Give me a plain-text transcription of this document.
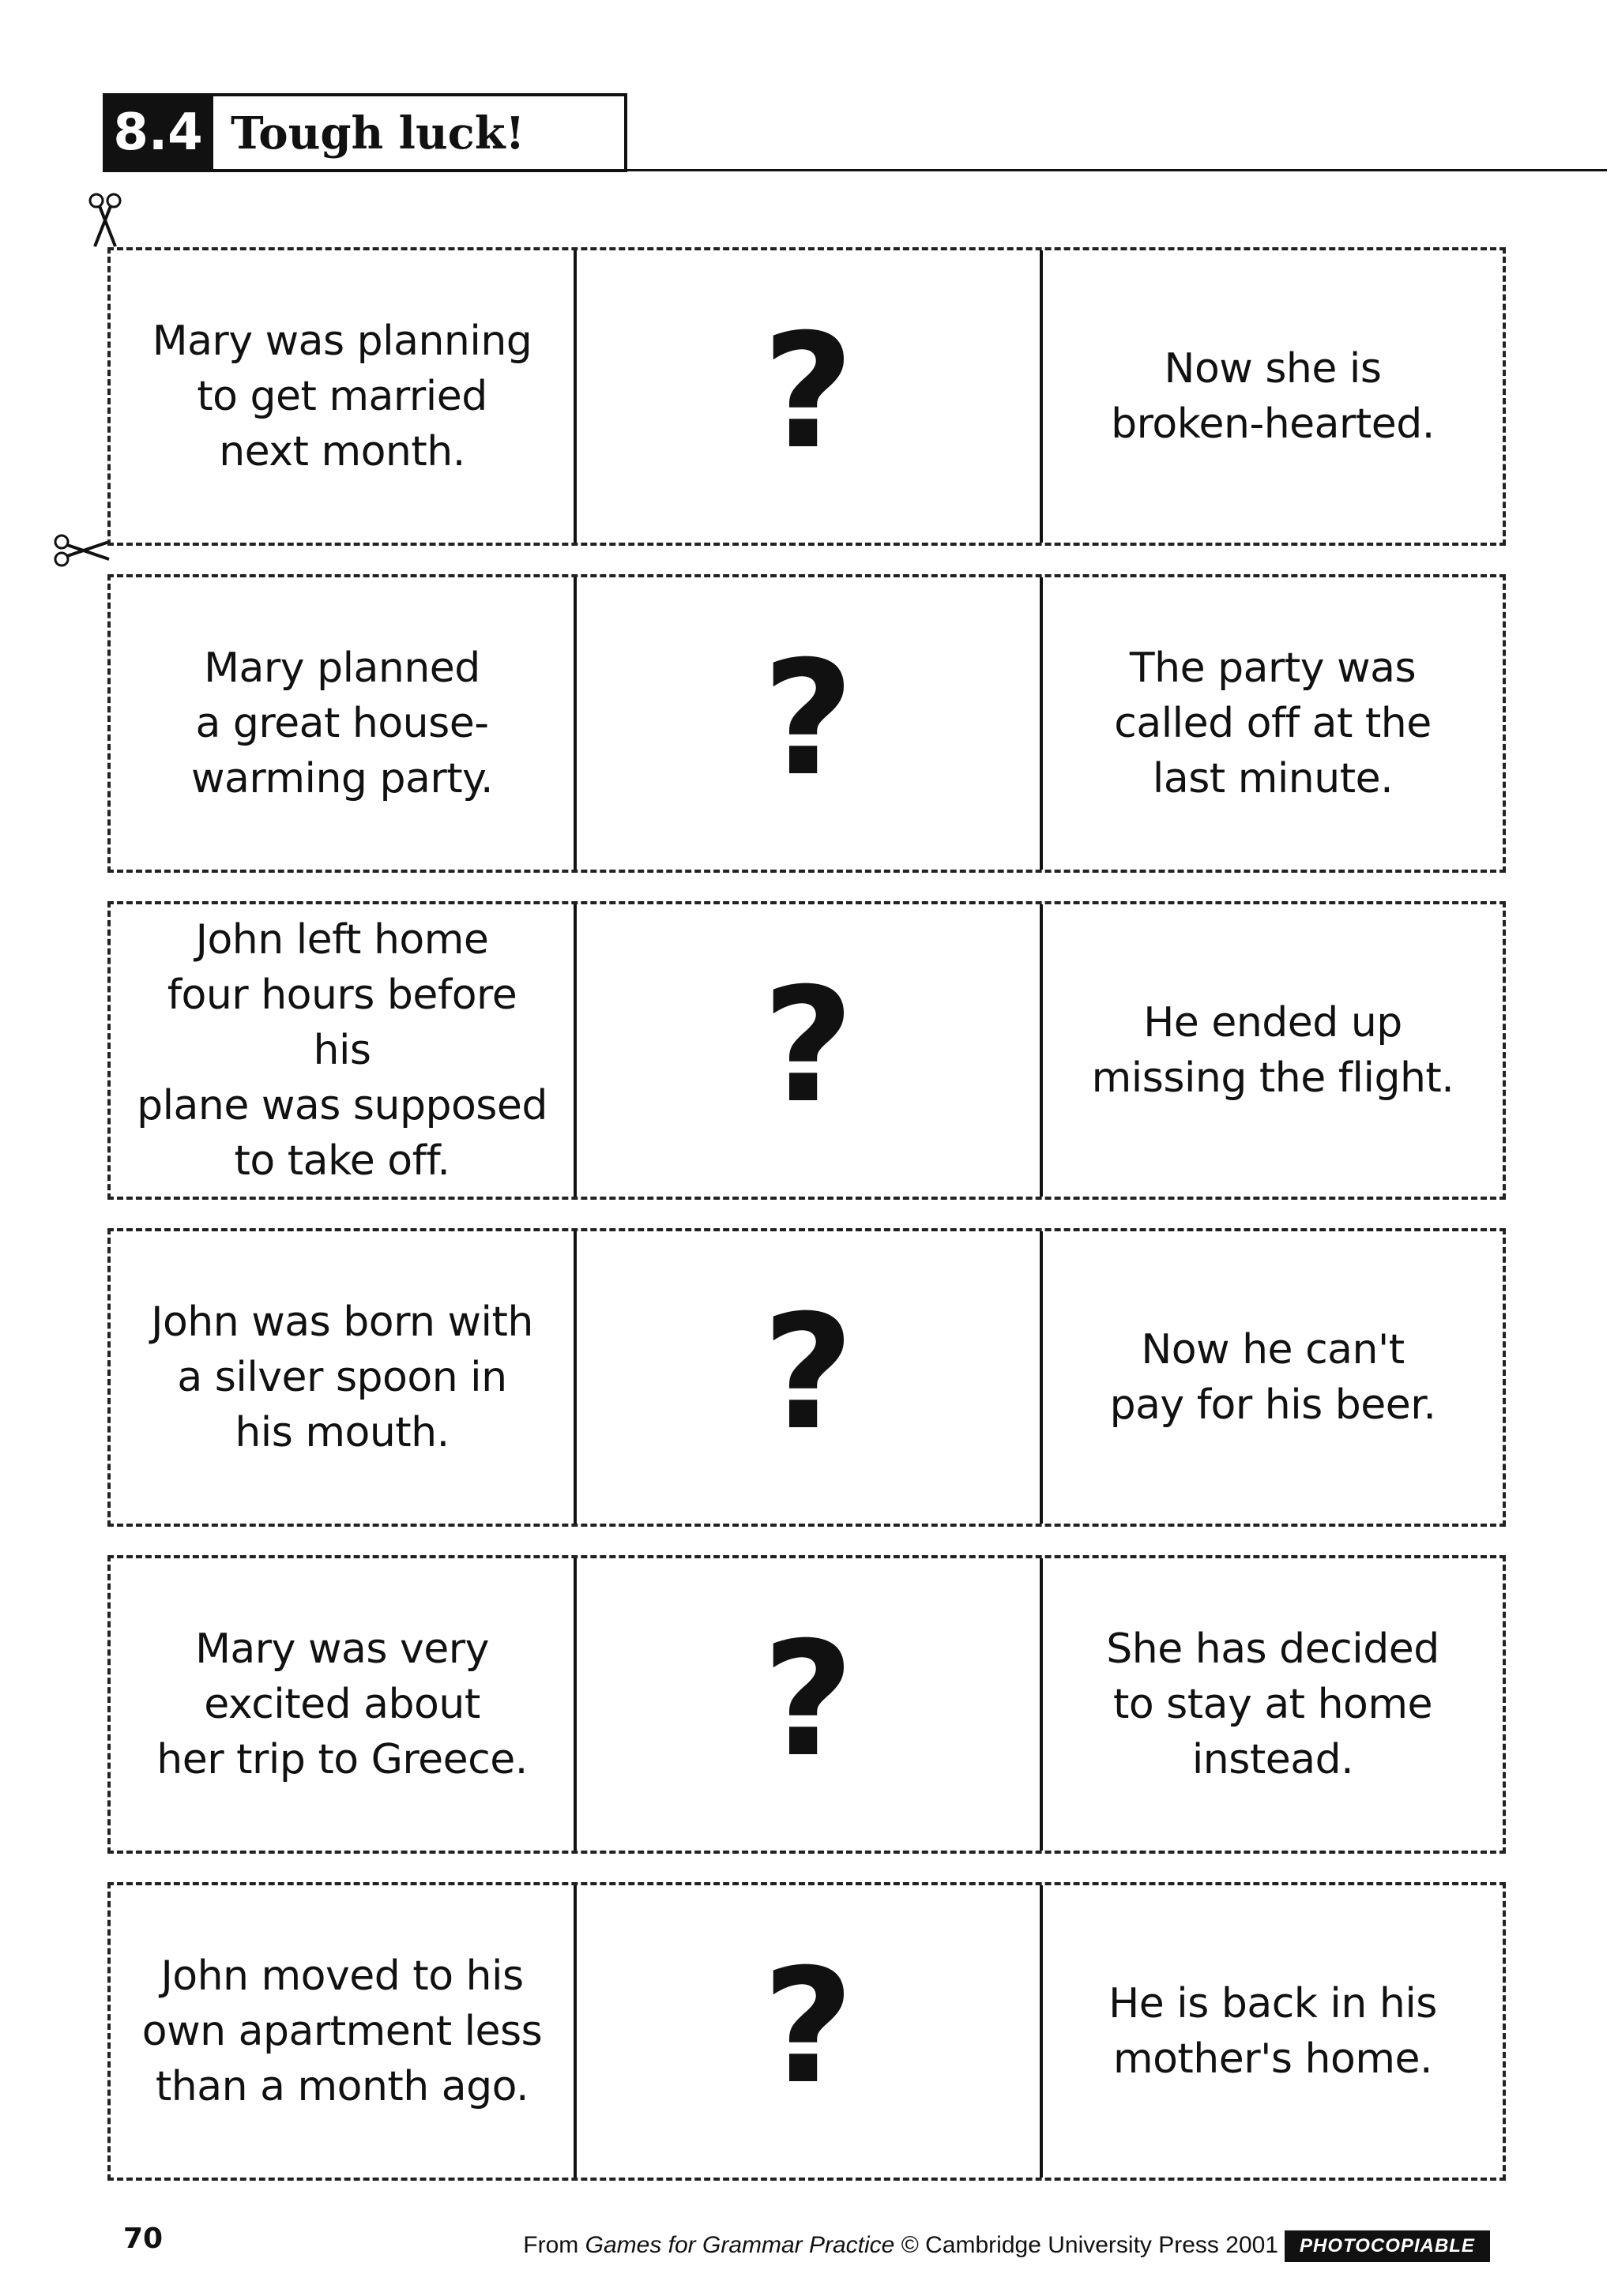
8.4 Tough luck!
Mary was planning
to get married
next month.	?	Now she is
broken-hearted.
Mary planned
a great house-
warming party. ?	The party was
called off at the
last minute.
John left home
four hours before his
plane was supposed
to take off.
?	He ended up
missing the flight.
John was born with
a silver spoon in
his mouth.	?	Now he can't
pay for his beer.
Mary was very
excited about
her trip to Greece. ?	She has decided
to stay at home
instead.
John moved to his
own apartment less
than a month ago. ?	He is back in his
mother's home.
70	From Games for Grammar Practice © Cambridge University Press 2001	PHOTOCOPIABLE
